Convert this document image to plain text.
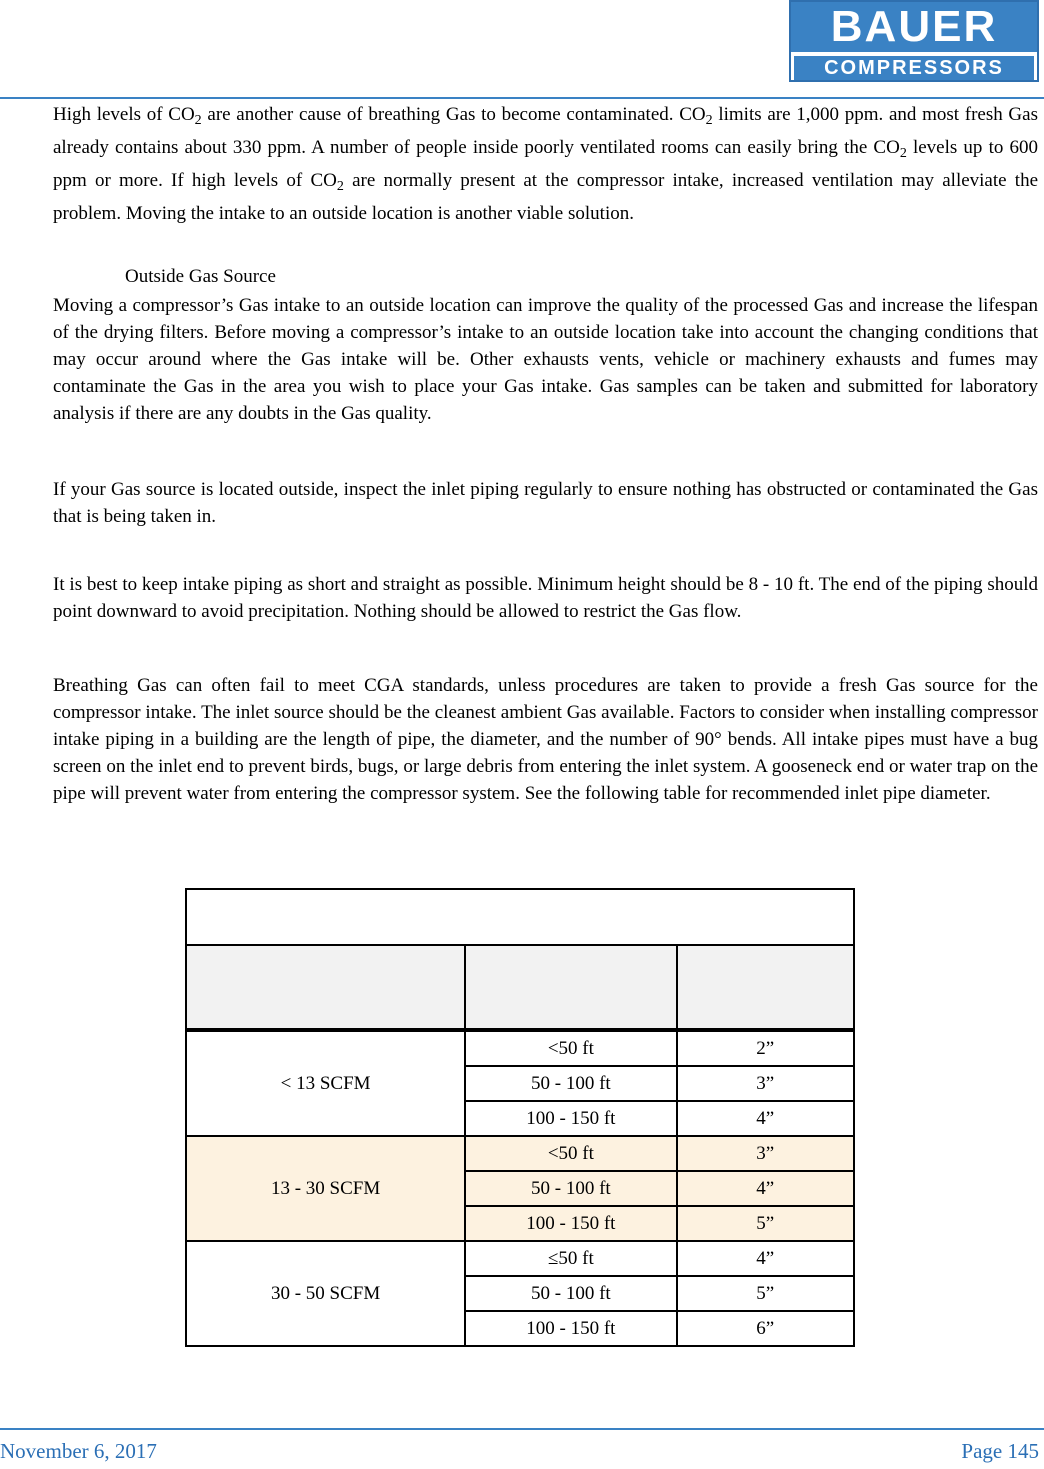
BAUER
COMPRESSORS

High levels of $CO_2$ are another cause of breathing Gas to become contaminated. $CO_2$ limits are 1,000 ppm. and most fresh Gas already contains about 330 ppm. A number of people inside poorly ventilated rooms can easily bring the $CO_2$ levels up to 600 ppm or more. If high levels of $CO_2$ are normally present at the compressor intake, increased ventilation may alleviate the problem. Moving the intake to an outside location is another viable solution.

Outside Gas Source

Moving a compressor’s Gas intake to an outside location can improve the quality of the processed Gas and increase the lifespan of the drying filters. Before moving a compressor’s intake to an outside location take into account the changing conditions that may occur around where the Gas intake will be. Other exhausts vents, vehicle or machinery exhausts and fumes may contaminate the Gas in the area you wish to place your Gas intake. Gas samples can be taken and submitted for laboratory analysis if there are any doubts in the Gas quality.

If your Gas source is located outside, inspect the inlet piping regularly to ensure nothing has obstructed or contaminated the Gas that is being taken in.

It is best to keep intake piping as short and straight as possible. Minimum height should be 8 - 10 ft. The end of the piping should point downward to avoid precipitation. Nothing should be allowed to restrict the Gas flow.

Breathing Gas can often fail to meet CGA standards, unless procedures are taken to provide a fresh Gas source for the compressor intake. The inlet source should be the cleanest ambient Gas available. Factors to consider when installing compressor intake piping in a building are the length of pipe, the diameter, and the number of 90° bends. All intake pipes must have a bug screen on the inlet end to prevent birds, bugs, or large debris from entering the inlet system. A gooseneck end or water trap on the pipe will prevent water from entering the compressor system. See the following table for recommended inlet pipe diameter.

< 13 SCFM	<50 ft	2”
	50 - 100 ft	3”
	100 - 150 ft	4”
13 - 30 SCFM	<50 ft	3”
	50 - 100 ft	4”
	100 - 150 ft	5”
30 - 50 SCFM	≤50 ft	4”
	50 - 100 ft	5”
	100 - 150 ft	6”
November 6, 2017	Page 145
